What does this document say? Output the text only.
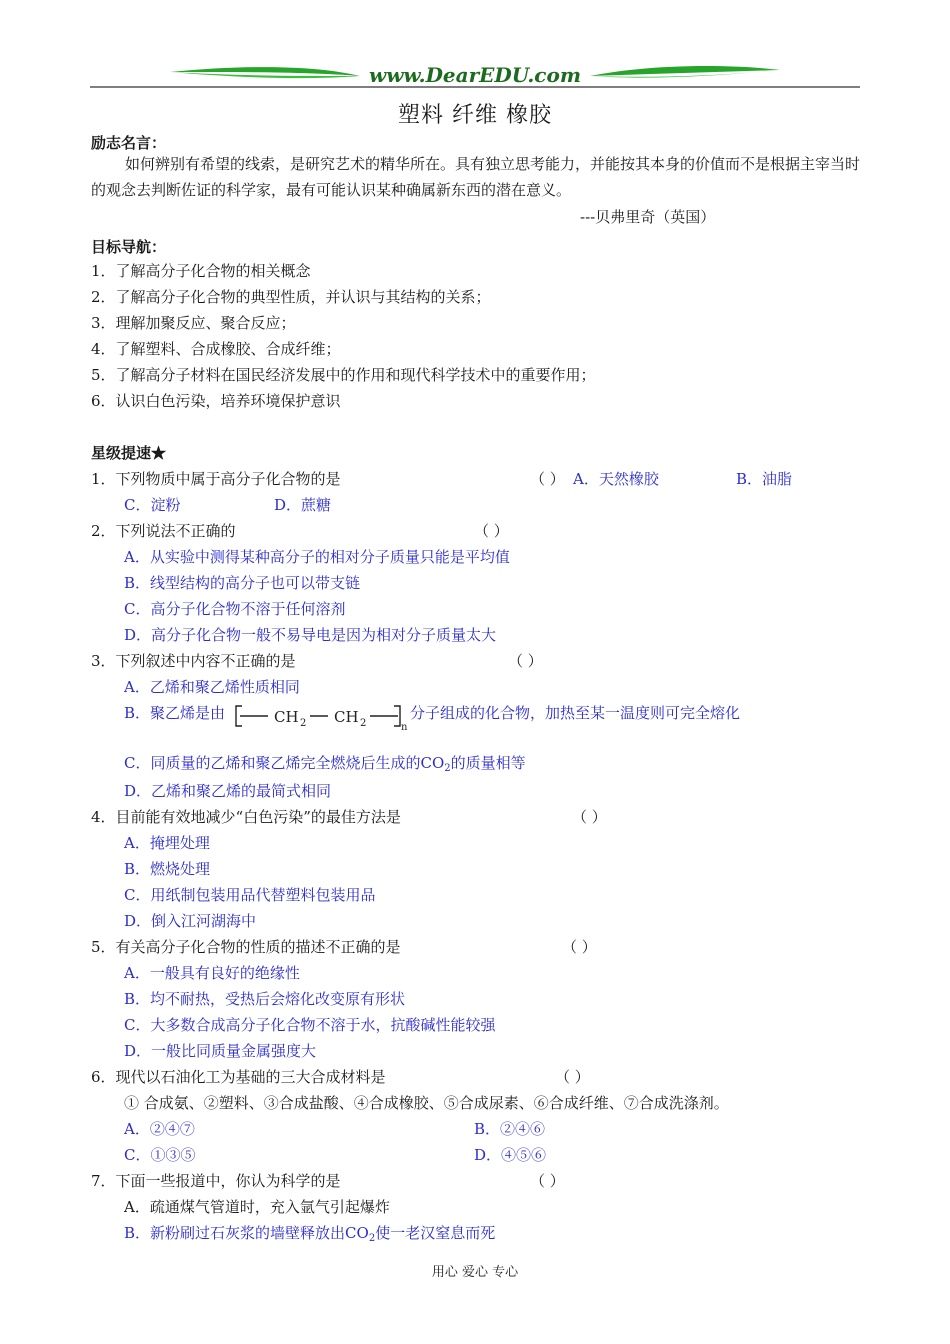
www.DearEDU.com
塑料 纤维 橡胶
励志名言：
如何辨别有希望的线索，是研究艺术的精华所在。具有独立思考能力，并能按其本身的价值而不是根据主宰当时的观念去判断佐证的科学家，最有可能认识某种确属新东西的潜在意义。
---贝弗里奇（英国）
目标导航：
1．了解高分子化合物的相关概念
2．了解高分子化合物的典型性质，并认识与其结构的关系；
3．理解加聚反应、聚合反应；
4．了解塑料、合成橡胶、合成纤维；
5．了解高分子材料在国民经济发展中的作用和现代科学技术中的重要作用；
6．认识白色污染，培养环境保护意识
星级提速★
1．下列物质中属于高分子化合物的是	（ ） A．天然橡胶	B．油脂
C．淀粉	D．蔗糖
2．下列说法不正确的	（ ）
A．从实验中测得某种高分子的相对分子质量只能是平均值
B．线型结构的高分子也可以带支链
C．高分子化合物不溶于任何溶剂
D．高分子化合物一般不易导电是因为相对分子质量太大
3．下列叙述中内容不正确的是	（ ）
A．乙烯和聚乙烯性质相同
B．聚乙烯是由	CH 2 CH 2	n
分子组成的化合物，加热至某一温度则可完全熔化
C．同质量的乙烯和聚乙烯完全燃烧后生成的$CO_2$的质量相等
D．乙烯和聚乙烯的最简式相同
4．目前能有效地减少“白色污染”的最佳方法是	（ ）
A．掩埋处理
B．燃烧处理
C．用纸制包装用品代替塑料包装用品
D．倒入江河湖海中
5．有关高分子化合物的性质的描述不正确的是	（ ）
A．一般具有良好的绝缘性
B．均不耐热，受热后会熔化改变原有形状
C．大多数合成高分子化合物不溶于水，抗酸碱性能较强
D．一般比同质量金属强度大
6．现代以石油化工为基础的三大合成材料是	（ ）
① 合成氨、②塑料、③合成盐酸、④合成橡胶、⑤合成尿素、⑥合成纤维、⑦合成洗涤剂。
A．②④⑦	B．②④⑥
C．①③⑤	D．④⑤⑥
7．下面一些报道中，你认为科学的是	（ ）
A．疏通煤气管道时，充入氩气引起爆炸
B．新粉刷过石灰浆的墙壁释放出$CO_2$使一老汉窒息而死
用心 爱心 专心
